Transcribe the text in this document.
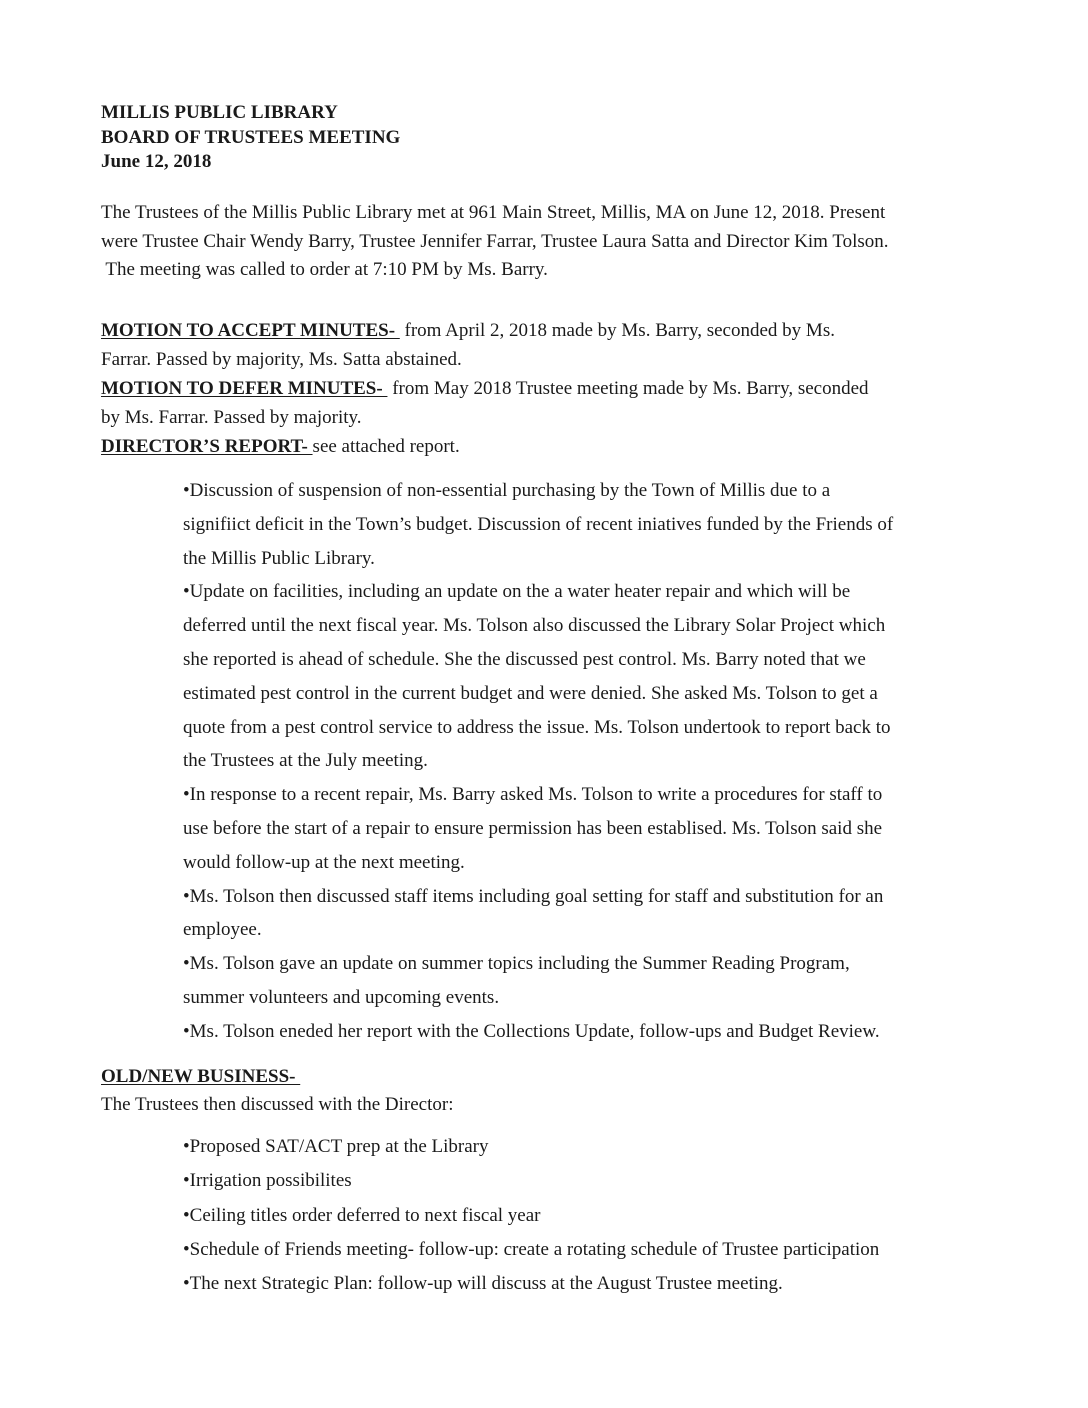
MILLIS PUBLIC LIBRARY
BOARD OF TRUSTEES MEETING
June 12, 2018
The Trustees of the Millis Public Library met at 961 Main Street, Millis, MA on June 12, 2018. Present
were Trustee Chair Wendy Barry, Trustee Jennifer Farrar, Trustee Laura Satta and Director Kim Tolson.
The meeting was called to order at 7:10 PM by Ms. Barry.
MOTION TO ACCEPT MINUTES-  from April 2, 2018 made by Ms. Barry, seconded by Ms.
Farrar. Passed by majority, Ms. Satta abstained.
MOTION TO DEFER MINUTES-  from May 2018 Trustee meeting made by Ms. Barry, seconded
by Ms. Farrar. Passed by majority.
DIRECTOR’S REPORT- see attached report.
•Discussion of suspension of non-essential purchasing by the Town of Millis due to a
signifiict deficit in the Town’s budget. Discussion of recent iniatives funded by the Friends of
the Millis Public Library.
•Update on facilities, including an update on the a water heater repair and which will be
deferred until the next fiscal year. Ms. Tolson also discussed the Library Solar Project which
she reported is ahead of schedule. She the discussed pest control. Ms. Barry noted that we
estimated pest control in the current budget and were denied. She asked Ms. Tolson to get a
quote from a pest control service to address the issue. Ms. Tolson undertook to report back to
the Trustees at the July meeting.
•In response to a recent repair, Ms. Barry asked Ms. Tolson to write a procedures for staff to
use before the start of a repair to ensure permission has been establised. Ms. Tolson said she
would follow-up at the next meeting.
•Ms. Tolson then discussed staff items including goal setting for staff and substitution for an
employee.
•Ms. Tolson gave an update on summer topics including the Summer Reading Program,
summer volunteers and upcoming events.
•Ms. Tolson eneded her report with the Collections Update, follow-ups and Budget Review.
OLD/NEW BUSINESS-
The Trustees then discussed with the Director:
•Proposed SAT/ACT prep at the Library
•Irrigation possibilites
•Ceiling titles order deferred to next fiscal year
•Schedule of Friends meeting- follow-up: create a rotating schedule of Trustee participation
•The next Strategic Plan: follow-up will discuss at the August Trustee meeting.
